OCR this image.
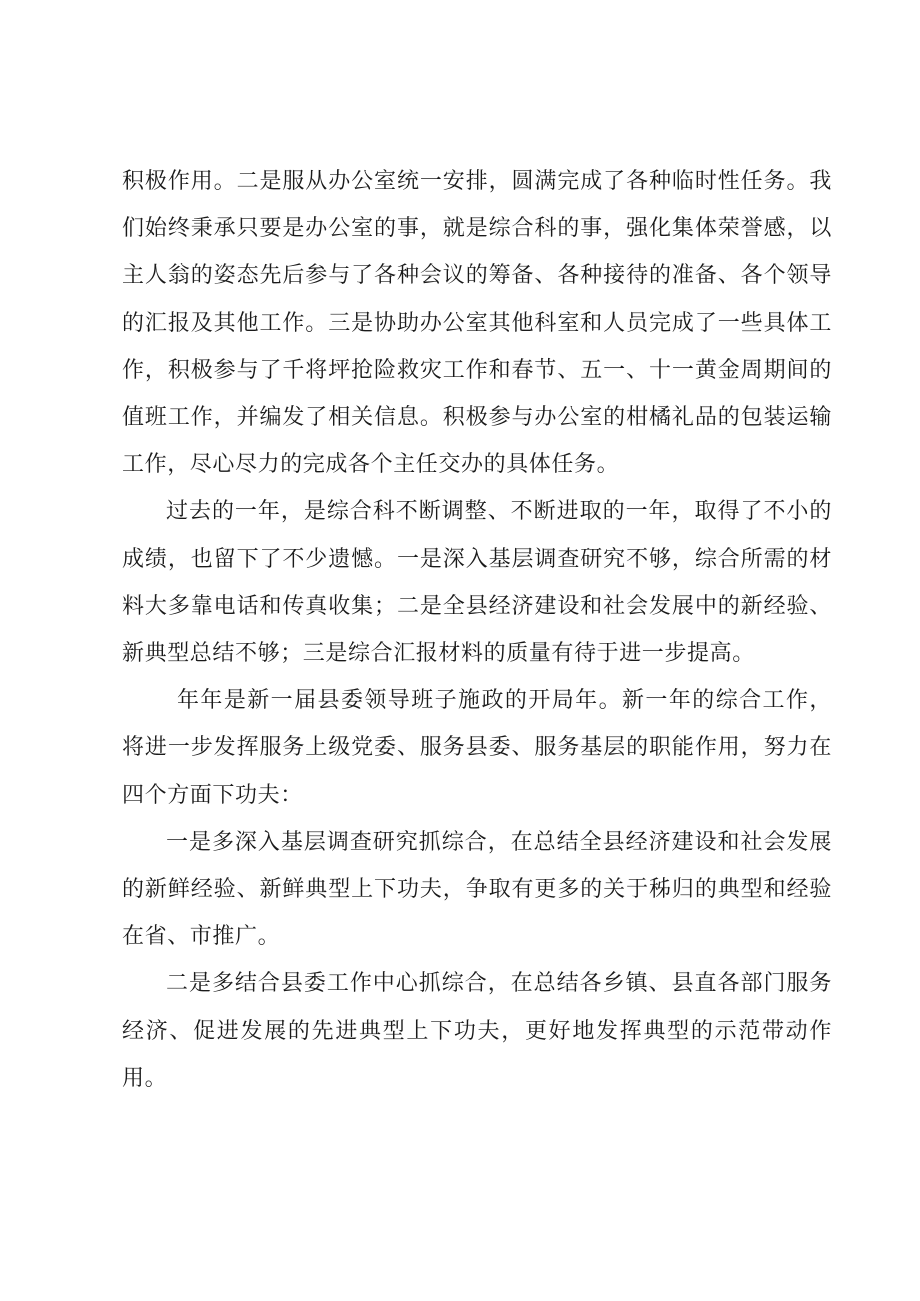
积极作用。二是服从办公室统一安排，圆满完成了各种临时性任务。我们始终秉承只要是办公室的事，就是综合科的事，强化集体荣誉感，以主人翁的姿态先后参与了各种会议的筹备、各种接待的准备、各个领导的汇报及其他工作。三是协助办公室其他科室和人员完成了一些具体工作，积极参与了千将坪抢险救灾工作和春节、五一、十一黄金周期间的值班工作，并编发了相关信息。积极参与办公室的柑橘礼品的包装运输工作，尽心尽力的完成各个主任交办的具体任务。

过去的一年，是综合科不断调整、不断进取的一年，取得了不小的成绩，也留下了不少遗憾。一是深入基层调查研究不够，综合所需的材料大多靠电话和传真收集；二是全县经济建设和社会发展中的新经验、新典型总结不够；三是综合汇报材料的质量有待于进一步提高。

年年是新一届县委领导班子施政的开局年。新一年的综合工作，将进一步发挥服务上级党委、服务县委、服务基层的职能作用，努力在四个方面下功夫：

一是多深入基层调查研究抓综合，在总结全县经济建设和社会发展的新鲜经验、新鲜典型上下功夫，争取有更多的关于秭归的典型和经验在省、市推广。

二是多结合县委工作中心抓综合，在总结各乡镇、县直各部门服务经济、促进发展的先进典型上下功夫，更好地发挥典型的示范带动作用。
